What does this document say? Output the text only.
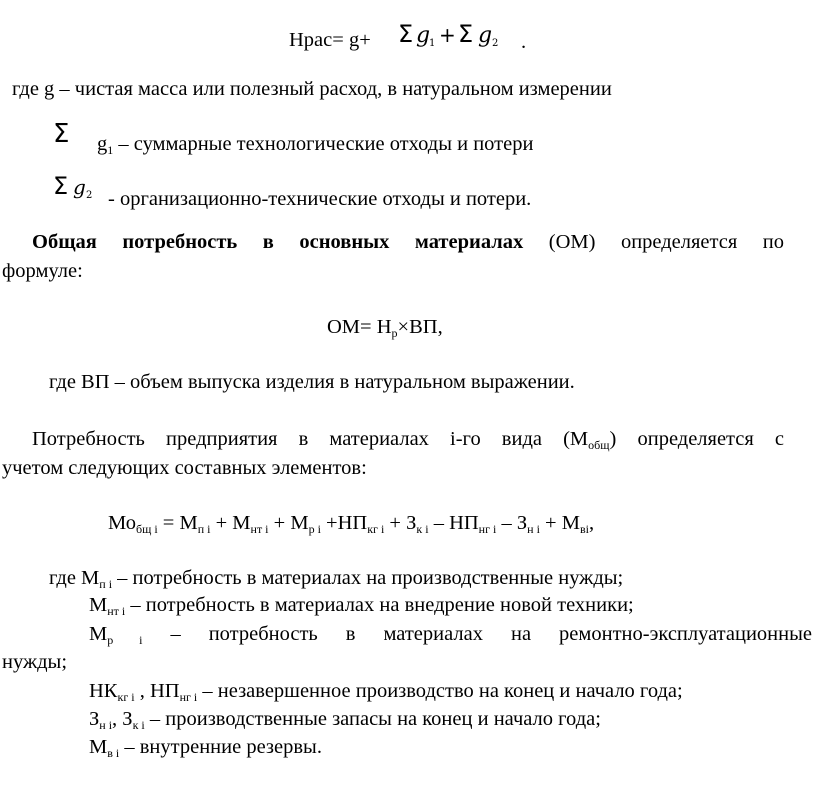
Нрас= g+ Σ g
1 + Σ g 2 .
где g – чистая масса или полезный расход, в натуральном измерении
Σ $g_1$ – суммарные технологические отходы и потери
Σ g 2 - организационно-технические отходы и потери.
Общая потребность в основных материалах (ОМ) определяется по
формуле:
$ОМ= Н_р\times ВП$,
где ВП – объем выпуска изделия в натуральном выражении.
Потребность предприятия в материалах i-го вида $(М_{общ})$ определяется с
учетом следующих составных элементов:
$Мо_{бщ i} = М_{п i} + М_{нт i} + М_{р i} +НП_{кг i} + З_{к i} - НП_{нг i} - З_{н i} + М_{вi}$,
где $М_{п i}$ – потребность в материалах на производственные нужды;
$М_{нт i}$ – потребность в материалах на внедрение новой техники;
$М_{р i}$ – потребность в материалах на ремонтно-эксплуатационные
нужды;
$НК_{кг i}$ , $НП_{нг i}$ – незавершенное производство на конец и начало года;
$З_{н i}$, $З_{к i}$ – производственные запасы на конец и начало года;
$М_{в i}$ – внутренние резервы.
